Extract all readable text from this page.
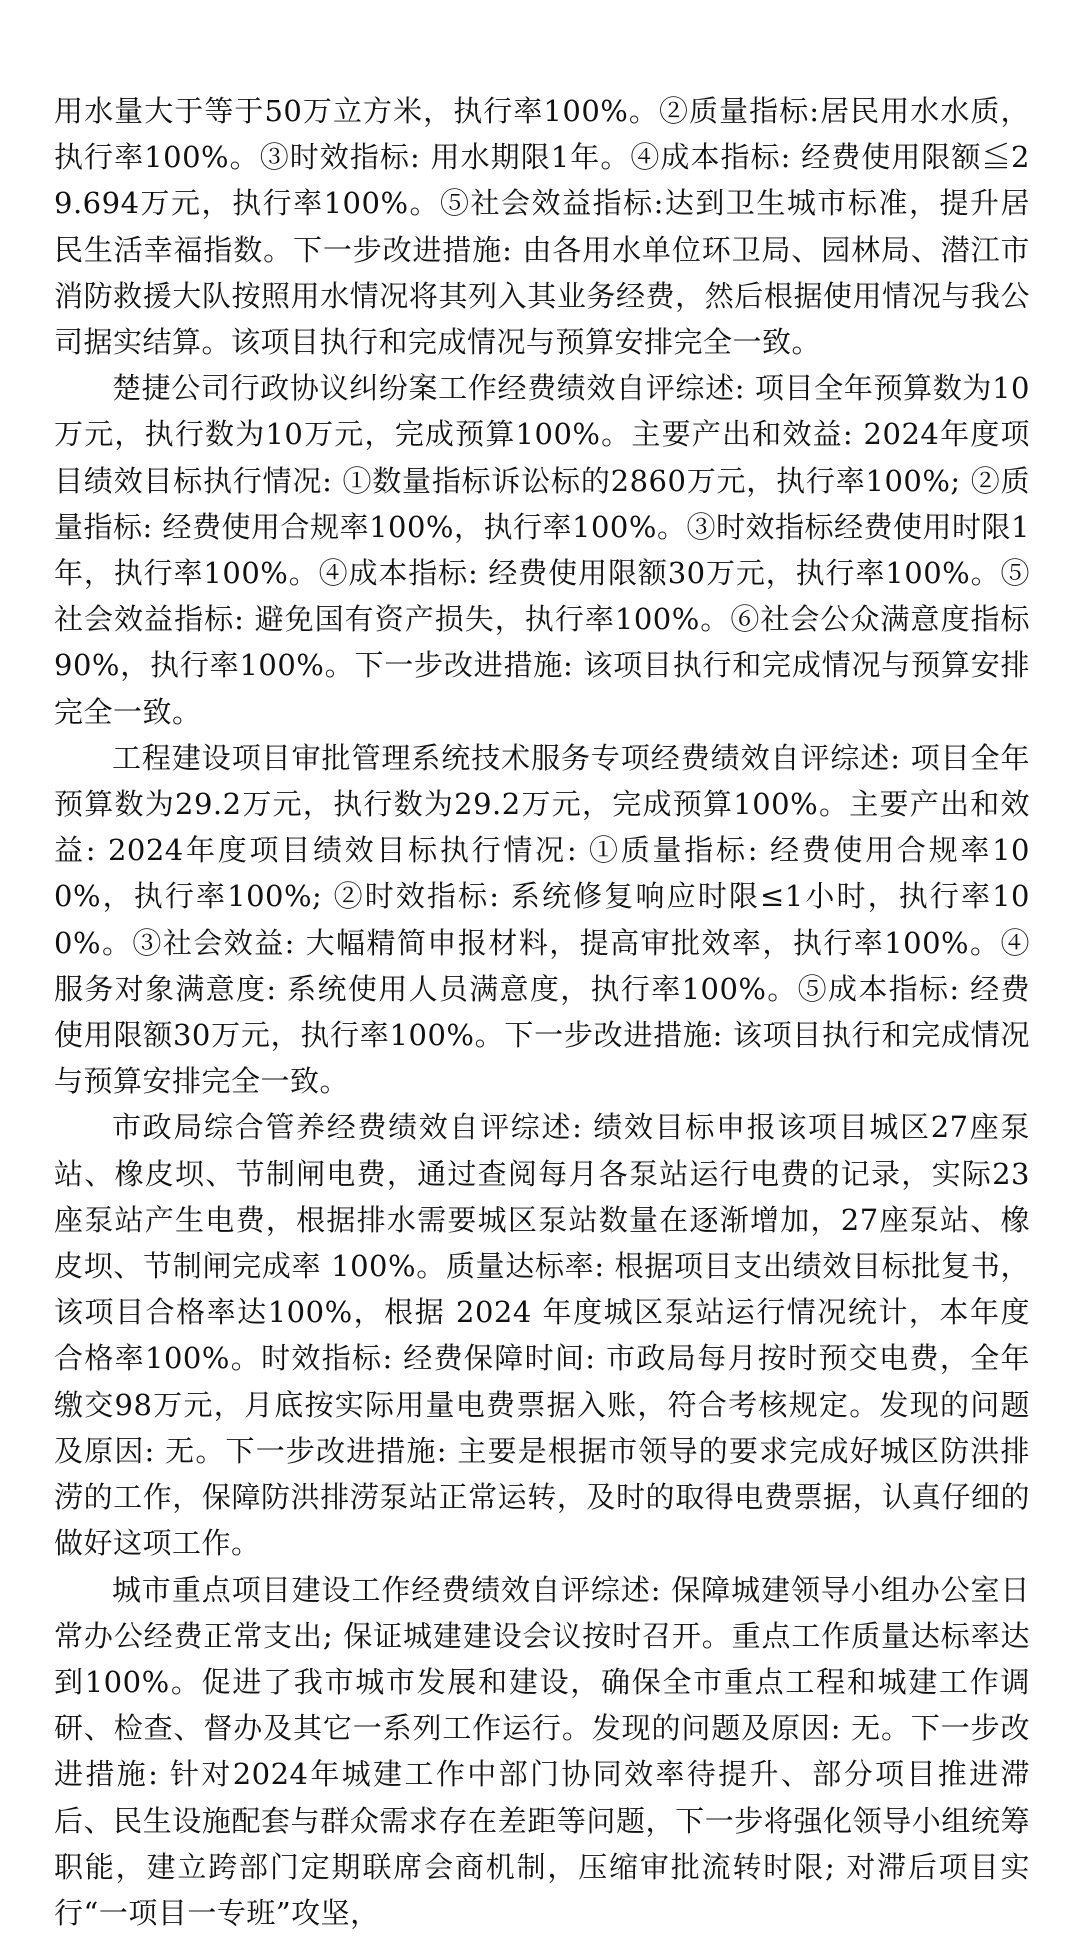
用水量大于等于50万立方米，执行率100%。②质量指标:居民用水水质，执行率100%。③时效指标: 用水期限1年。④成本指标: 经费使用限额≦29.694万元，执行率100%。⑤社会效益指标:达到卫生城市标准，提升居民生活幸福指数。下一步改进措施: 由各用水单位环卫局、园林局、潜江市消防救援大队按照用水情况将其列入其业务经费，然后根据使用情况与我公司据实结算。该项目执行和完成情况与预算安排完全一致。

楚捷公司行政协议纠纷案工作经费绩效自评综述: 项目全年预算数为10万元，执行数为10万元，完成预算100%。主要产出和效益: 2024年度项目绩效目标执行情况: ①数量指标诉讼标的2860万元，执行率100%; ②质量指标: 经费使用合规率100%，执行率100%。③时效指标经费使用时限1年，执行率100%。④成本指标: 经费使用限额30万元，执行率100%。⑤社会效益指标: 避免国有资产损失，执行率100%。⑥社会公众满意度指标90%，执行率100%。下一步改进措施: 该项目执行和完成情况与预算安排完全一致。

工程建设项目审批管理系统技术服务专项经费绩效自评综述: 项目全年预算数为29.2万元，执行数为29.2万元，完成预算100%。主要产出和效益: 2024年度项目绩效目标执行情况: ①质量指标: 经费使用合规率100%，执行率100%; ②时效指标: 系统修复响应时限≤1小时，执行率100%。③社会效益: 大幅精简申报材料，提高审批效率，执行率100%。④服务对象满意度: 系统使用人员满意度，执行率100%。⑤成本指标: 经费使用限额30万元，执行率100%。下一步改进措施: 该项目执行和完成情况与预算安排完全一致。

市政局综合管养经费绩效自评综述: 绩效目标申报该项目城区27座泵站、橡皮坝、节制闸电费，通过查阅每月各泵站运行电费的记录，实际23座泵站产生电费，根据排水需要城区泵站数量在逐渐增加，27座泵站、橡皮坝、节制闸完成率 100%。质量达标率: 根据项目支出绩效目标批复书，该项目合格率达100%，根据 2024 年度城区泵站运行情况统计，本年度合格率100%。时效指标: 经费保障时间: 市政局每月按时预交电费，全年缴交98万元，月底按实际用量电费票据入账，符合考核规定。发现的问题及原因: 无。下一步改进措施: 主要是根据市领导的要求完成好城区防洪排涝的工作，保障防洪排涝泵站正常运转，及时的取得电费票据，认真仔细的做好这项工作。

城市重点项目建设工作经费绩效自评综述: 保障城建领导小组办公室日常办公经费正常支出; 保证城建建设会议按时召开。重点工作质量达标率达到100%。促进了我市城市发展和建设，确保全市重点工程和城建工作调研、检查、督办及其它一系列工作运行。发现的问题及原因: 无。下一步改进措施: 针对2024年城建工作中部门协同效率待提升、部分项目推进滞后、民生设施配套与群众需求存在差距等问题，下一步将强化领导小组统筹职能，建立跨部门定期联席会商机制，压缩审批流转时限; 对滞后项目实行“一项目一专班”攻坚，
